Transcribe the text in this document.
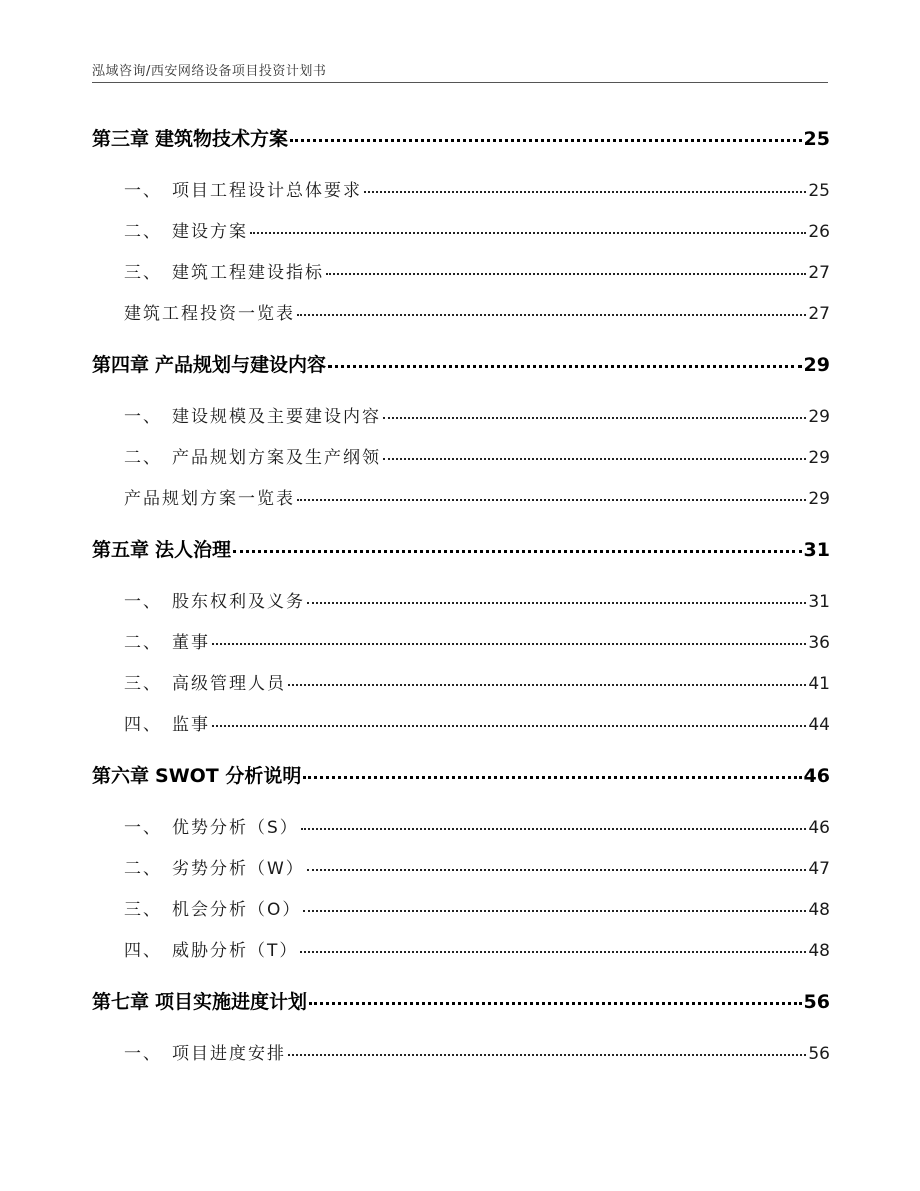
泓域咨询/西安网络设备项目投资计划书
第三章 建筑物技术方案	25
一、 项目工程设计总体要求	25
二、 建设方案	26
三、 建筑工程建设指标	27
建筑工程投资一览表	27
第四章 产品规划与建设内容	29
一、 建设规模及主要建设内容	29
二、 产品规划方案及生产纲领	29
产品规划方案一览表	29
第五章 法人治理	31
一、 股东权利及义务	31
二、 董事	36
三、 高级管理人员	41
四、 监事	44
第六章 SWOT 分析说明	46
一、 优势分析（S）	46
二、 劣势分析（W）	47
三、 机会分析（O）	48
四、 威胁分析（T）	48
第七章 项目实施进度计划	56
一、 项目进度安排	56
